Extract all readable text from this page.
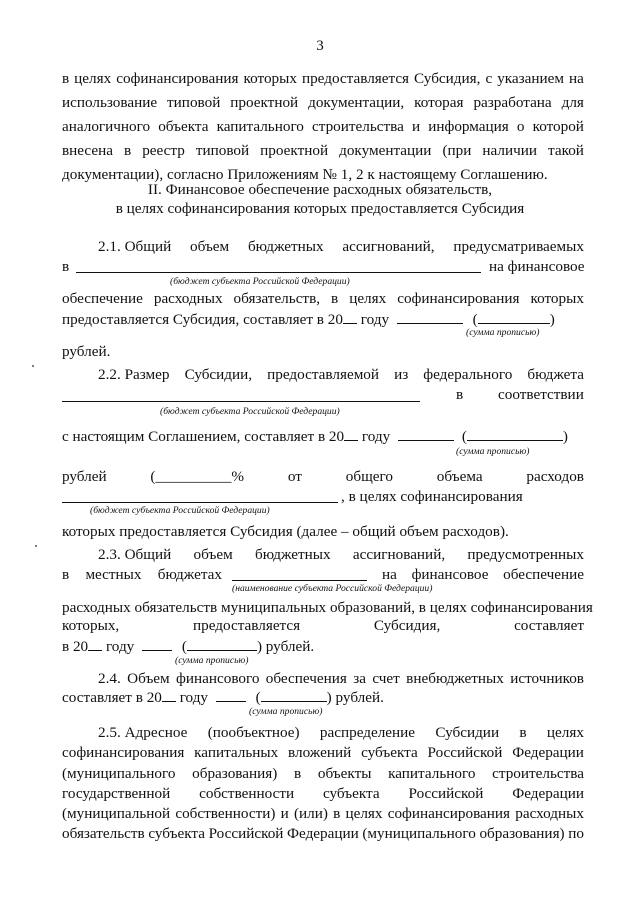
3
в целях софинансирования которых предоставляется Субсидия, с указанием на
использование типовой проектной документации, которая разработана для
аналогичного объекта капитального строительства и информация о которой
внесена в реестр типовой проектной документации (при наличии такой
документации), согласно Приложениям № 1, 2 к настоящему Соглашению.
II. Финансовое обеспечение расходных обязательств,
в целях софинансирования которых предоставляется Субсидия
2.1. Общий объем бюджетных ассигнований, предусматриваемых
в	на финансовое
(бюджет субъекта Российской Федерации)
обеспечение расходных обязательств, в целях софинансирования которых
предоставляется Субсидия, составляет в 20 году	(	)
(сумма прописью)
рублей.
2.2. Размер Субсидии, предоставляемой из федерального бюджета
в соответствии
(бюджет субъекта Российской Федерации)
с настоящим Соглашением, составляет в 20 году	(	)
(сумма прописью)
рублей	(__________%	от	общего	объема	расходов
, в целях софинансирования
(бюджет субъекта Российской Федерации)
которых предоставляется Субсидия (далее – общий объем расходов).
2.3. Общий объем бюджетных ассигнований, предусмотренных
в местных бюджетах	на финансовое обеспечение
(наименование субъекта Российской Федерации)
расходных обязательств муниципальных образований, в целях софинансирования
которых,	предоставляется	Субсидия,	составляет
в 20 году	(	) рублей.
(сумма прописью)
2.4. Объем финансового обеспечения за счет внебюджетных источников
составляет в 20 году	(	) рублей.
(сумма прописью)
2.5. Адресное (пообъектное) распределение Субсидии в целях
софинансирования капитальных вложений субъекта Российской Федерации
(муниципального образования) в объекты капитального строительства
государственной собственности субъекта Российской Федерации
(муниципальной собственности) и (или) в целях софинансирования расходных
обязательств субъекта Российской Федерации (муниципального образования) по
